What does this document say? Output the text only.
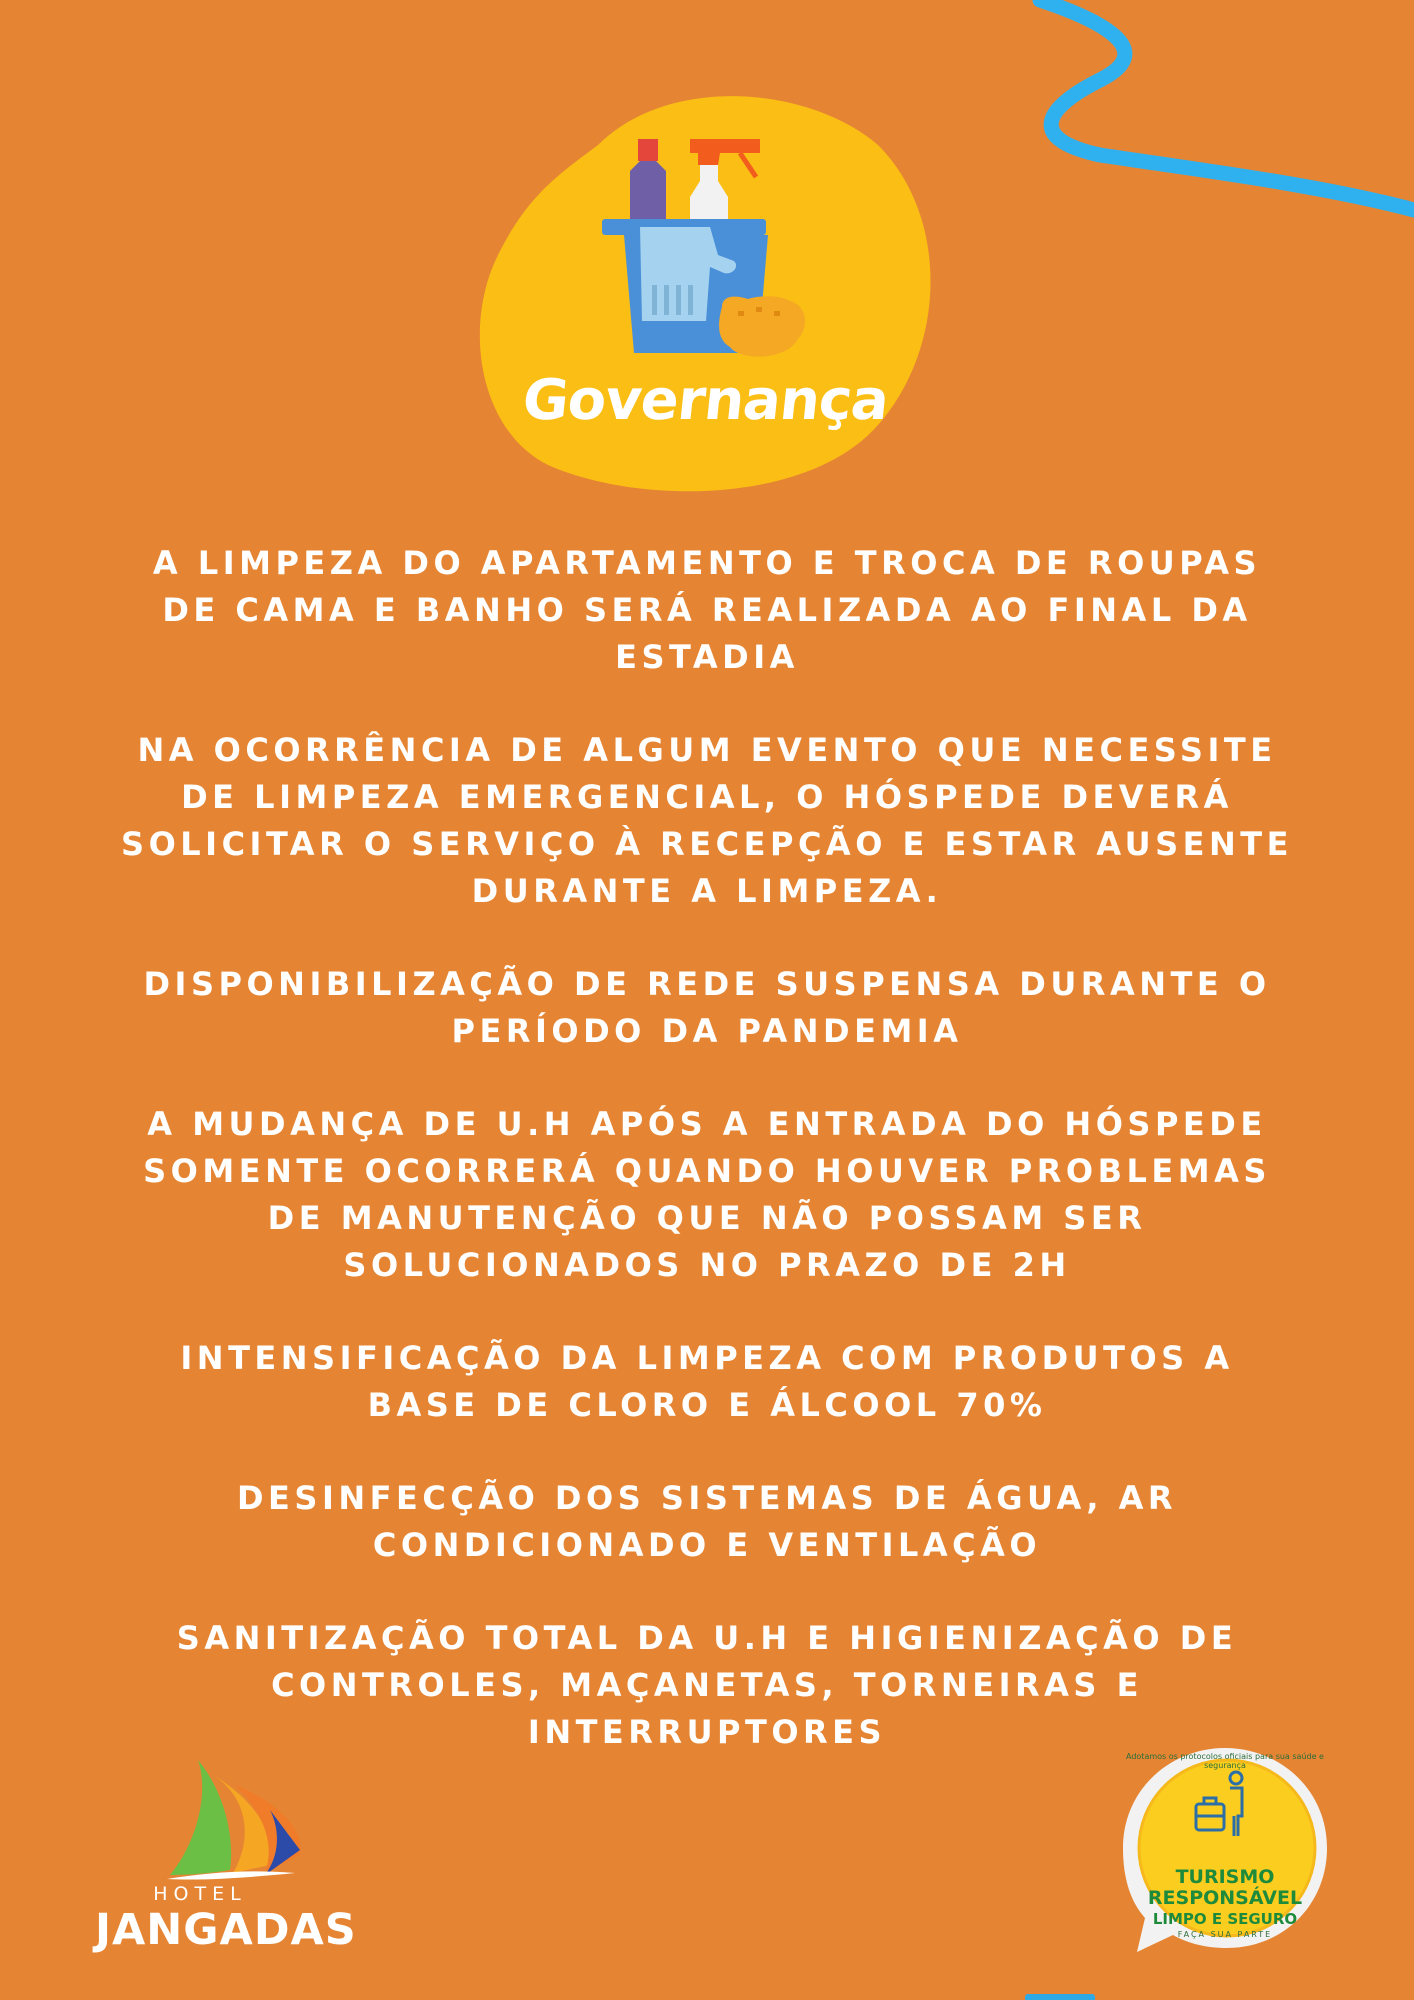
Governança

A LIMPEZA DO APARTAMENTO E TROCA DE ROUPAS DE CAMA E BANHO SERÁ REALIZADA AO FINAL DA ESTADIA

NA OCORRÊNCIA DE ALGUM EVENTO QUE NECESSITE DE LIMPEZA EMERGENCIAL, O HÓSPEDE DEVERÁ SOLICITAR O SERVIÇO À RECEPÇÃO E ESTAR AUSENTE DURANTE A LIMPEZA.

DISPONIBILIZAÇÃO DE REDE SUSPENSA DURANTE O PERÍODO DA PANDEMIA

A MUDANÇA DE U.H APÓS A ENTRADA DO HÓSPEDE SOMENTE OCORRERÁ QUANDO HOUVER PROBLEMAS DE MANUTENÇÃO QUE NÃO POSSAM SER SOLUCIONADOS NO PRAZO DE 2H

INTENSIFICAÇÃO DA LIMPEZA COM PRODUTOS A BASE DE CLORO E ÁLCOOL 70%

DESINFECÇÃO DOS SISTEMAS DE ÁGUA, AR CONDICIONADO E VENTILAÇÃO

SANITIZAÇÃO TOTAL DA U.H E HIGIENIZAÇÃO DE CONTROLES, MAÇANETAS, TORNEIRAS E INTERRUPTORES

HOTEL
JANGADAS
Adotamos os protocolos oficiais para sua saúde e segurança
TURISMO
RESPONSÁVEL
LIMPO E SEGURO
FAÇA SUA PARTE
